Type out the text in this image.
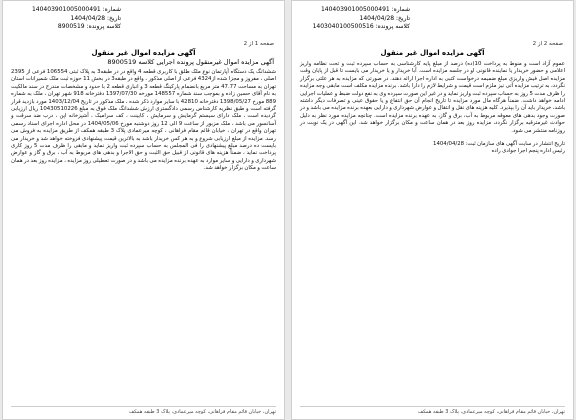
شماره: 140403901005000491
تاریخ: 1404/04/28
کلاسه پرونده: 8900519
صفحه 1 از 2
آگهی مزایده اموال غیر منقول
آگهی مزایده اموال غیرمنقول پرونده اجرایی کلاسه 8900519
ششدانگ یک دستگاه آپارتمان نوع ملک طلق با کاربری قطعه 4 واقع در در طبقه3 به پلاک ثبتی 106554 فرعی از 2395 اصلی ، مفروز و مجزا شده از4324 فرعی از اصلی مذکور ، واقع در طبقه3 در بخش 11 حوزه ثبت ملک شمیرانات استان تهران به مساحت 47.77 متر مربع بانضمام پارکینگ قطعه 3 و انباری قطعه 2 با حدود و مشخصات مندرج در سند مالکیت به نام آقای حسین زاده و بموجب سند شماره 148557 مورخه 1397/07/30 دفترخانه 918 شهر تهران ، ملک به شماره 889 مورخ 1398/05/27 دفترخانه 42810 با سایر موارد ذکر شده ، ملک مذکور در تاریخ 1403/12/04 مورد بازدید قرار گرفته است و طبق نظریه کارشناس رسمی دادگستری ارزش ششدانگ ملک فوق به مبلغ 10430510226 ریال ارزیابی گردیده است ، ملک دارای سیستم گرمایش و سرمایش ، کابینت ، کف سرامیک ، آشپزخانه اپن ، درب ضد سرقت و آسانسور می باشد ، ملک مزبور از ساعت 9 الی 12 روز دوشنبه مورخ 1404/05/06 در محل اداره اجرای اسناد رسمی تهران واقع در تهران ، خیابان قائم مقام فراهانی ، کوچه میرعمادی پلاک 3 طبقه همکف از طریق مزایده به فروش می رسد. مزایده از مبلغ ارزیابی شروع و به هر کس خریدار باشد به بالاترین قیمت پیشنهادی فروخته خواهد شد و خریدار می بایست ده درصد مبلغ پیشنهادی را فی المجلس به حساب سپرده ثبت واریز نماید و مابقی را ظرف مدت 5 روز کاری پرداخت نماید ، ضمناً هزینه های قانونی از قبیل حق الثبت و حق الاجرا و بدهی های مربوط به آب ، برق و گاز و عوارض شهرداری و دارایی و سایر موارد به عهده برنده مزایده می باشد و در صورت تعطیلی روز مزایده ، مزایده روز بعد در همان ساعت و مکان برگزار خواهد شد.
تهران، خیابان قائم مقام فراهانی، کوچه میرعمادی، پلاک 3 طبقه همکف
شماره: 140403901005000491
تاریخ: 1404/04/28
کلاسه پرونده: 1403040100500516
صفحه 2 از 2
آگهی مزایده اموال غیر منقول
عموم آزاد است و منوط به پرداخت 10(ده) درصد از مبلغ پایه کارشناسی به حساب سپرده ثبت و تحت نظامه واریز اعلامی و حضور خریدار یا نماینده قانونی او در جلسه مزایده است. آبا خریدار و یا خریدار می بایست تا قبل از پایان وقت مزایده اصل فیش واریزی مبلغ ضمیمه درخواست کتبی به اداره اجرا ارائه دهند. در صورتی که مزایده به هر علتی برگزار نگردد، به ترتیب مزایده آتی نیز ملزم است قیمت و شرایط لازم را دارا باشد. برنده مزایده مکلف است مابقی وجه مزایده را ظرف مدت 5 روز به حساب سپرده ثبت واریز نماید و در غیر این صورت سپرده وی به نفع دولت ضبط و عملیات اجرایی ادامه خواهد داشت. ضمناً هرگاه مال مورد مزایده تا تاریخ انجام آن حق انتفاع و یا حقوق عینی و تصرفات دیگر داشته باشد، خریدار باید آن را بپذیرد. کلیه هزینه های نقل و انتقال و عوارض شهرداری و دارایی بعهده برنده مزایده می باشد و در صورت وجود بدهی های معوقه مربوط به آب، برق و گاز، به عهده برنده مزایده است. چنانچه مزایده مورد نظر به دلیل حوادث غیرمترقبه برگزار نگردد، مزایده روز بعد در همان ساعت و مکان برگزار خواهد شد. این آگهی در یک نوبت در روزنامه منتشر می شود.
تاریخ انتشار در سایت آگهی های سازمان ثبت: 1404/04/28
رئیس اداره پنجم اجرا جوادی راده
تهران، خیابان قائم مقام فراهانی، کوچه میرعمادی، پلاک 3 طبقه همکف
